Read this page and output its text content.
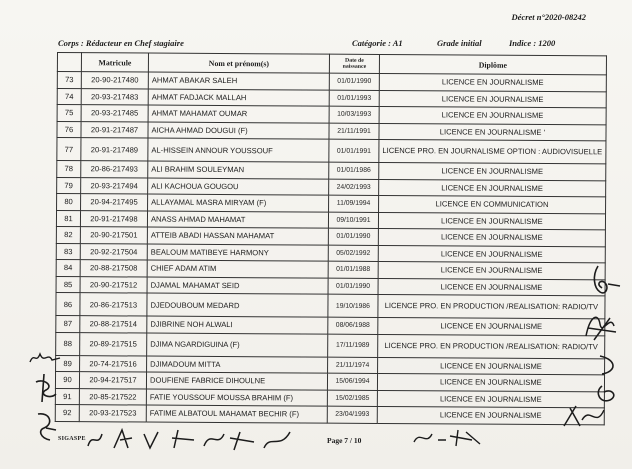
Décret n°2020-08242
Corps : Rédacteur en Chef stagiaire	Catégorie : A1	Grade initial	Indice : 1200
	Matricule	Nom et prénom(s)	Date de naissance	Diplôme
73	20-90-217480	AHMAT ABAKAR SALEH	01/01/1990	LICENCE EN JOURNALISME
74	20-93-217483	AHMAT FADJACK MALLAH	01/01/1993	LICENCE EN JOURNALISME
75	20-93-217485	AHMAT MAHAMAT OUMAR	10/03/1993	LICENCE EN JOURNALISME
76	20-91-217487	AICHA AHMAD DOUGUI (F)	21/11/1991	LICENCE EN JOURNALISME '
77	20-91-217489	AL-HISSEIN ANNOUR YOUSSOUF	01/01/1991	LICENCE PRO. EN JOURNALISME OPTION : AUDIOVISUELLE
78	20-86-217493	ALI BRAHIM SOULEYMAN	01/01/1986	LICENCE EN JOURNALISME
79	20-93-217494	ALI KACHOUA GOUGOU	24/02/1993	LICENCE EN JOURNALISME
80	20-94-217495	ALLAYAMAL MASRA MIRYAM (F)	11/09/1994	LICENCE EN COMMUNICATION
81	20-91-217498	ANASS AHMAD MAHAMAT	09/10/1991	LICENCE EN JOURNALISME
82	20-90-217501	ATTEIB ABADI HASSAN MAHAMAT	01/01/1990	LICENCE EN JOURNALISME
83	20-92-217504	BEALOUM MATIBEYE HARMONY	05/02/1992	LICENCE EN JOURNALISME
84	20-88-217508	CHIEF ADAM ATIM	01/01/1988	LICENCE EN JOURNALISME
85	20-90-217512	DJAMAL MAHAMAT SEID	01/01/1990	LICENCE EN JOURNALISME
86	20-86-217513	DJEDOUBOUM MEDARD	19/10/1986	LICENCE PRO. EN PRODUCTION /REALISATION: RADIO/TV
87	20-88-217514	DJIBRINE NOH ALWALI	08/06/1988	LICENCE EN JOURNALISME
88	20-89-217515	DJIMA NGARDIGUINA (F)	17/11/1989	LICENCE PRO. EN PRODUCTION /REALISATION: RADIO/TV
89	20-74-217516	DJIMADOUM MITTA	21/11/1974	LICENCE EN JOURNALISME
90	20-94-217517	DOUFIENE FABRICE DIHOULNE	15/06/1994	LICENCE EN JOURNALISME
91	20-85-217522	FATIE YOUSSOUF MOUSSA BRAHIM (F)	15/02/1985	LICENCE EN JOURNALISME
92	20-93-217523	FATIME ALBATOUL MAHAMAT BECHIR (F)	23/04/1993	LICENCE EN JOURNALISME
SIGASPE	Page 7 / 10
